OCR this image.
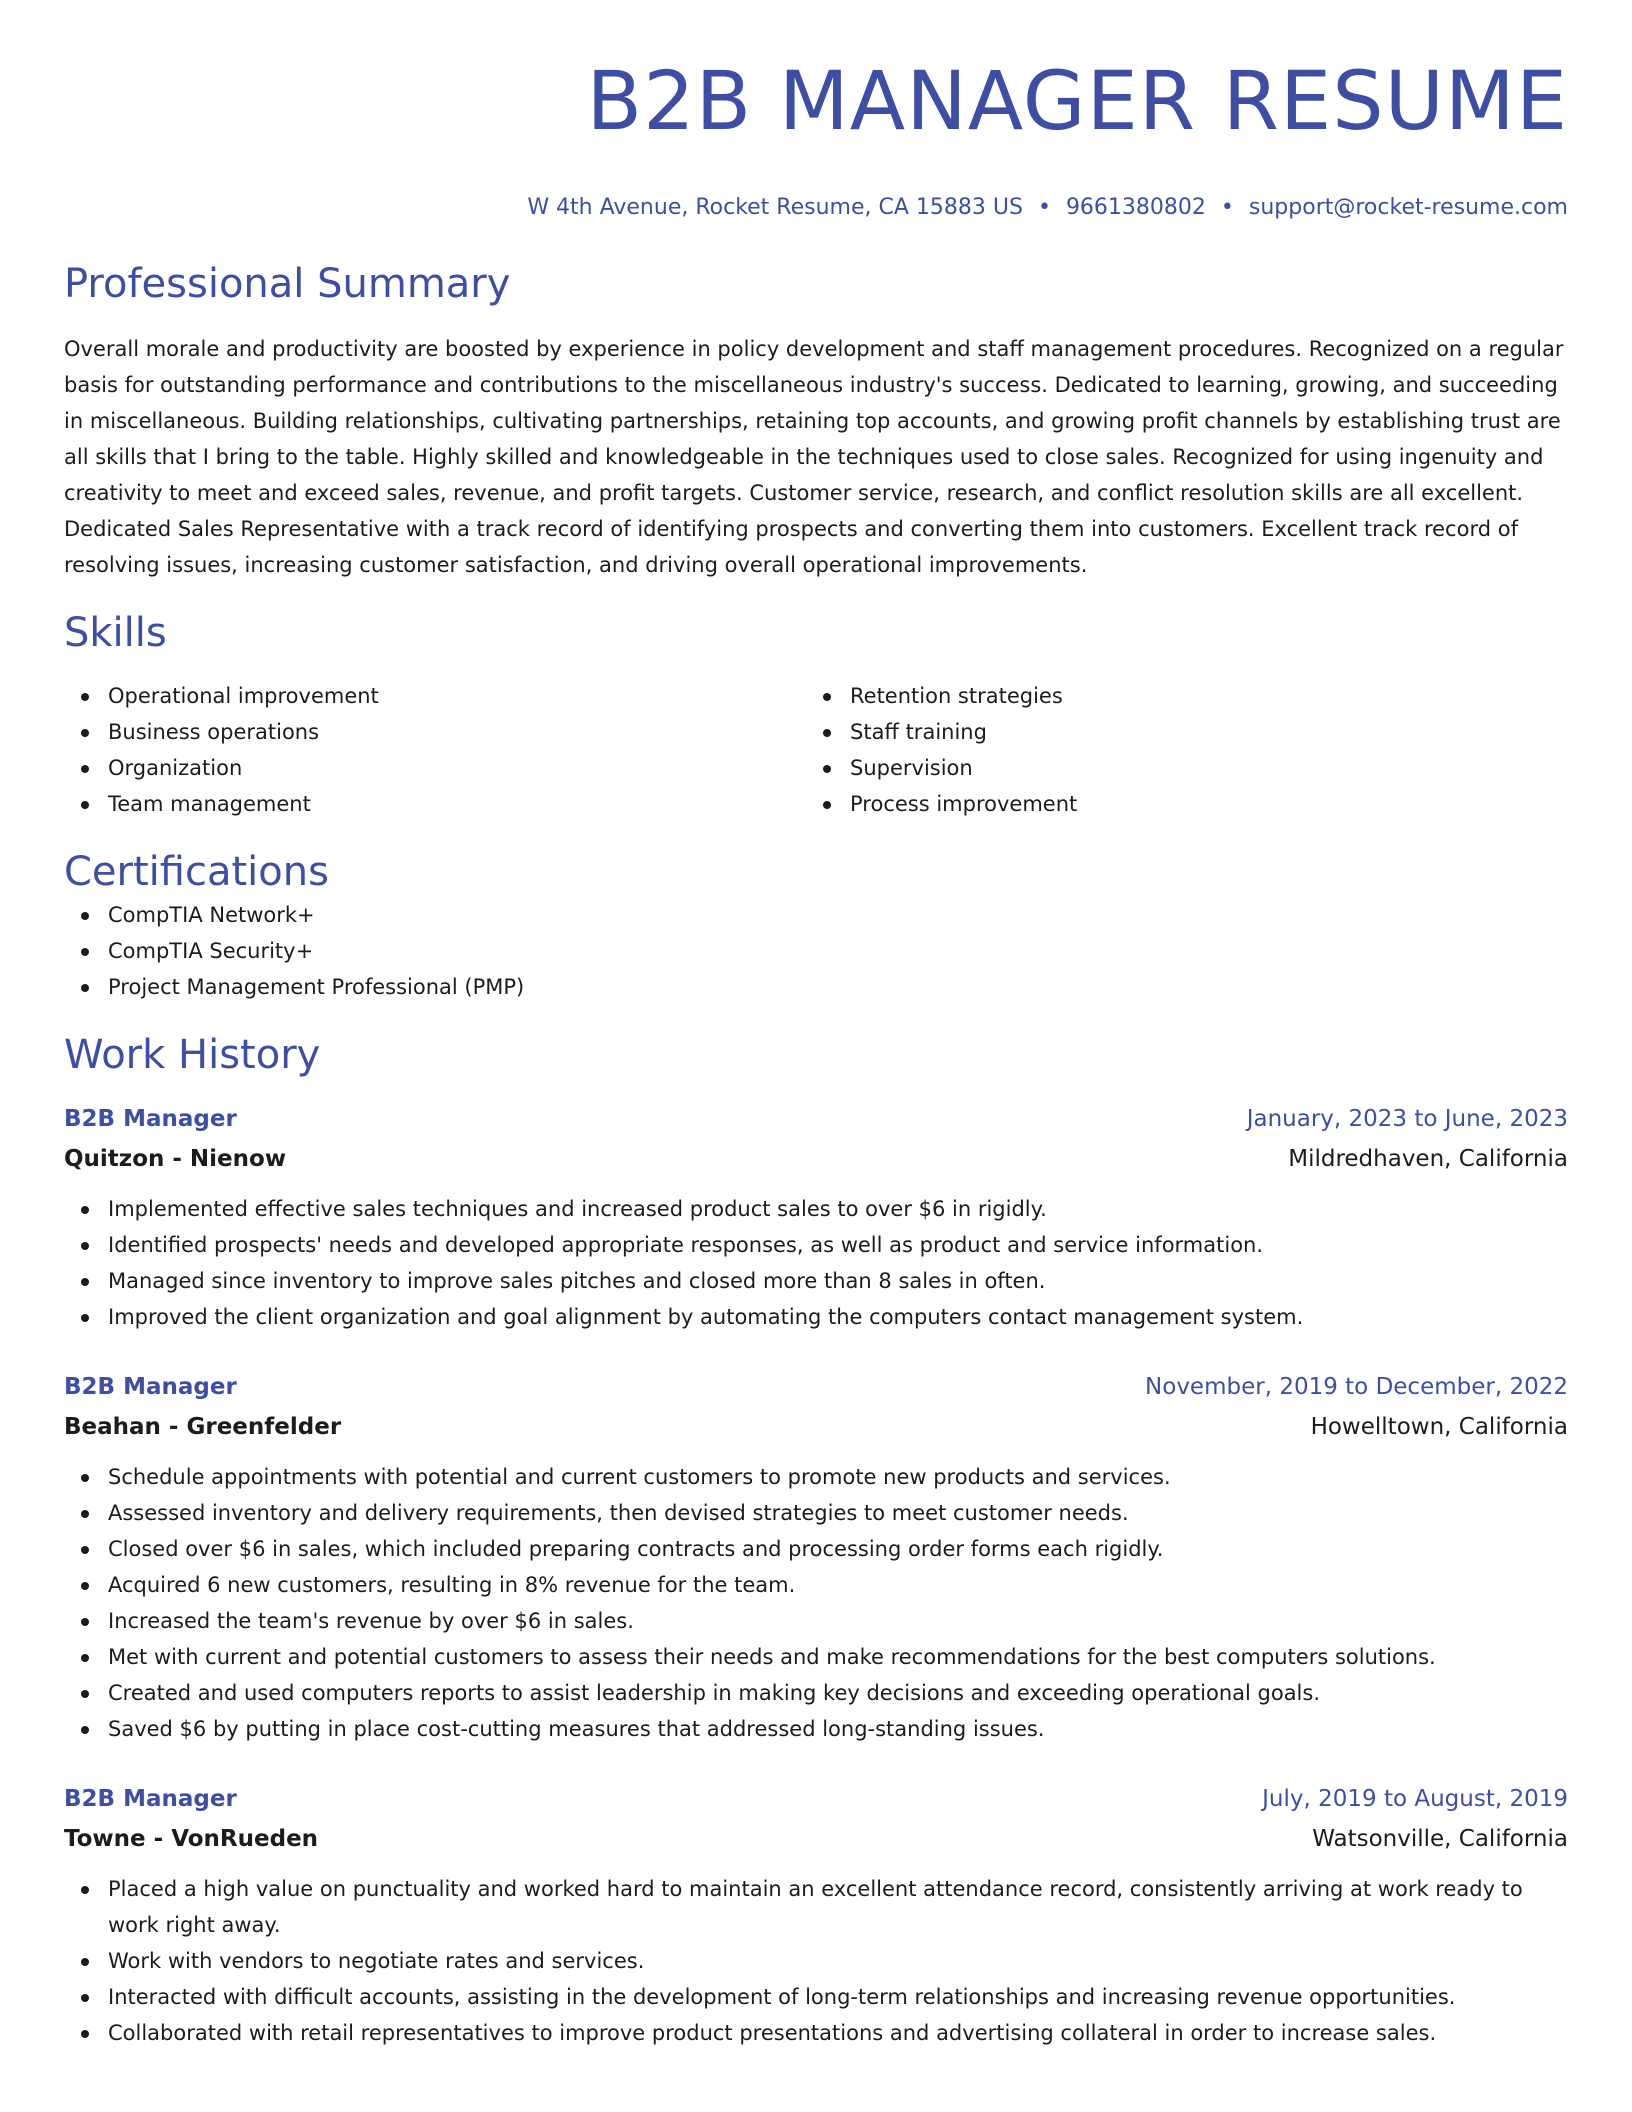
B2B MANAGER RESUME
W 4th Avenue, Rocket Resume, CA 15883 US • 9661380802 • support@rocket-resume.com
Professional Summary

Overall morale and productivity are boosted by experience in policy development and staff management procedures. Recognized on a regular basis for outstanding performance and contributions to the miscellaneous industry's success. Dedicated to learning, growing, and succeeding in miscellaneous. Building relationships, cultivating partnerships, retaining top accounts, and growing profit channels by establishing trust are all skills that I bring to the table. Highly skilled and knowledgeable in the techniques used to close sales. Recognized for using ingenuity and creativity to meet and exceed sales, revenue, and profit targets. Customer service, research, and conflict resolution skills are all excellent. Dedicated Sales Representative with a track record of identifying prospects and converting them into customers. Excellent track record of resolving issues, increasing customer satisfaction, and driving overall operational improvements.

Skills
Operational improvement
Business operations
Organization
Team management
Retention strategies
Staff training
Supervision
Process improvement
Certifications
CompTIA Network+
CompTIA Security+
Project Management Professional (PMP)
Work History
B2B Manager	January, 2023 to June, 2023
Quitzon - Nienow	Mildredhaven, California
Implemented effective sales techniques and increased product sales to over $6 in rigidly.
Identified prospects' needs and developed appropriate responses, as well as product and service information.
Managed since inventory to improve sales pitches and closed more than 8 sales in often.
Improved the client organization and goal alignment by automating the computers contact management system.
B2B Manager	November, 2019 to December, 2022
Beahan - Greenfelder	Howelltown, California
Schedule appointments with potential and current customers to promote new products and services.
Assessed inventory and delivery requirements, then devised strategies to meet customer needs.
Closed over $6 in sales, which included preparing contracts and processing order forms each rigidly.
Acquired 6 new customers, resulting in 8% revenue for the team.
Increased the team's revenue by over $6 in sales.
Met with current and potential customers to assess their needs and make recommendations for the best computers solutions.
Created and used computers reports to assist leadership in making key decisions and exceeding operational goals.
Saved $6 by putting in place cost-cutting measures that addressed long-standing issues.
B2B Manager	July, 2019 to August, 2019
Towne - VonRueden	Watsonville, California
Placed a high value on punctuality and worked hard to maintain an excellent attendance record, consistently arriving at work ready to work right away.
Work with vendors to negotiate rates and services.
Interacted with difficult accounts, assisting in the development of long-term relationships and increasing revenue opportunities.
Collaborated with retail representatives to improve product presentations and advertising collateral in order to increase sales.
